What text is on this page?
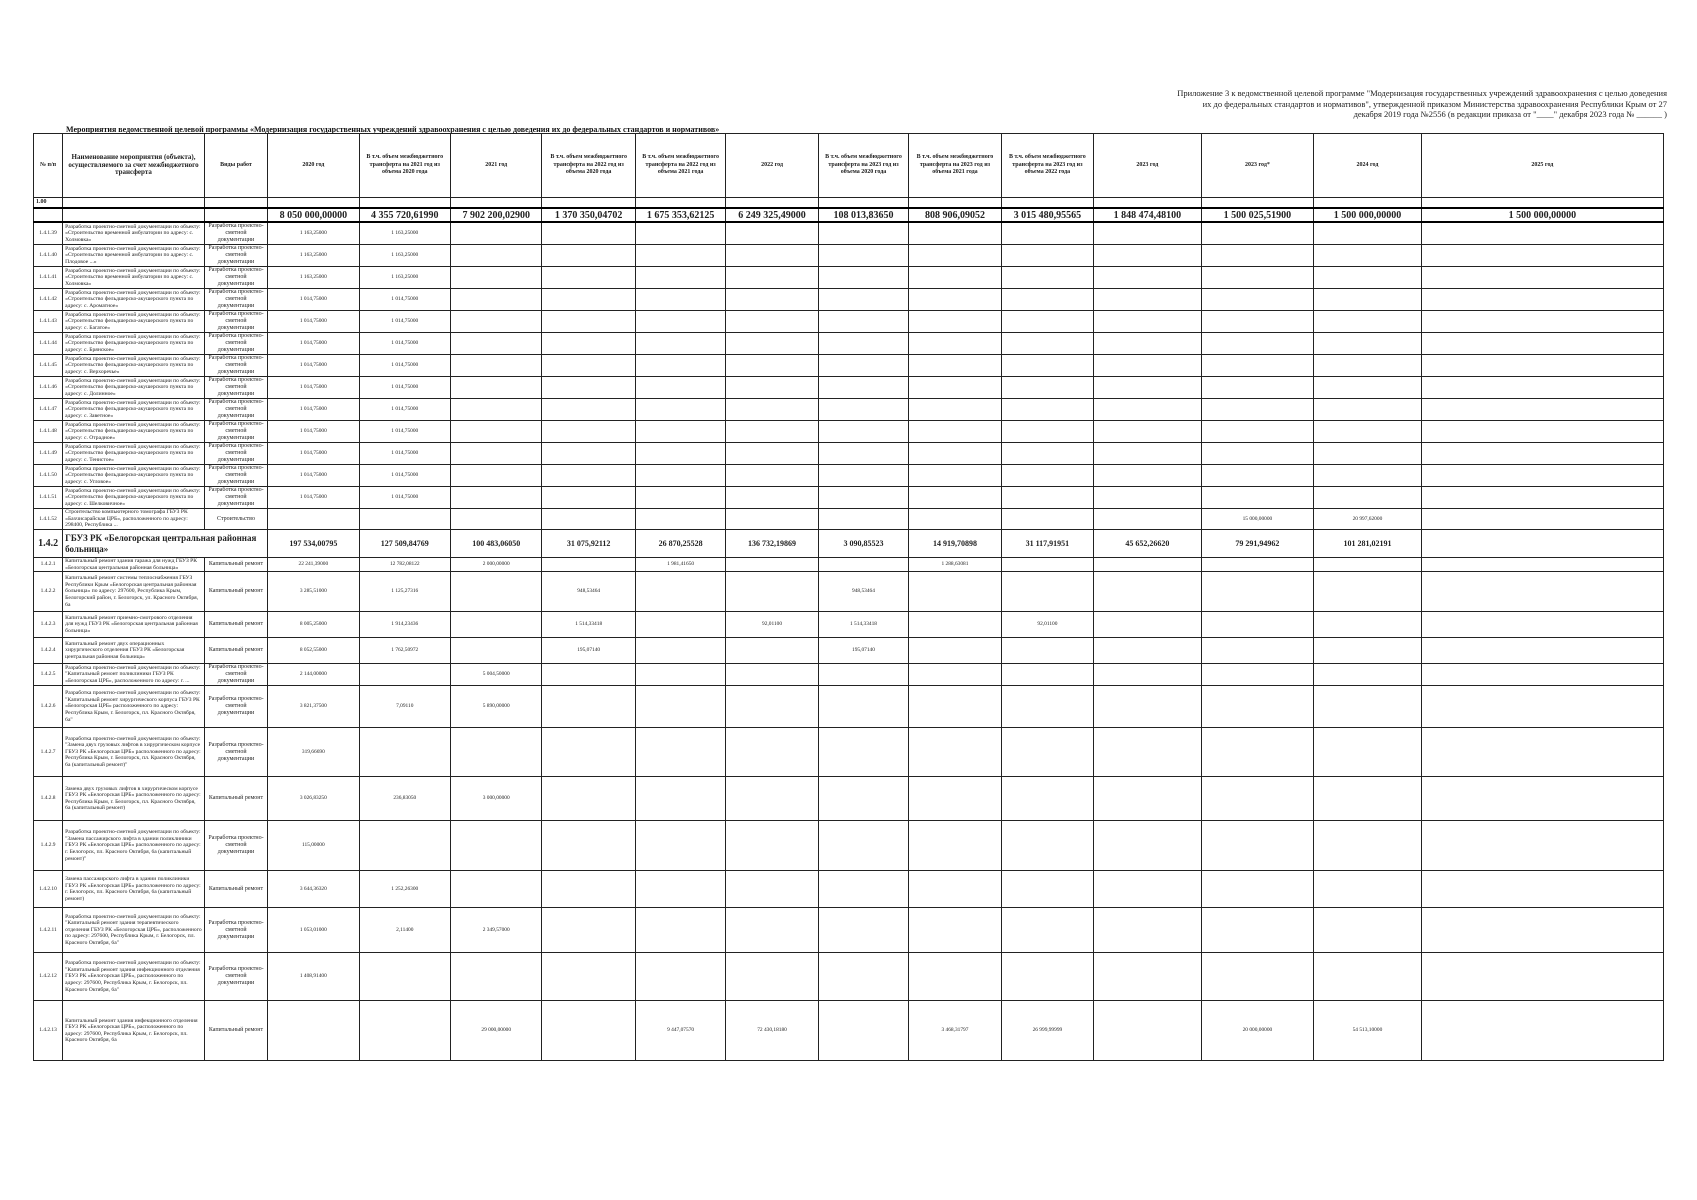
Приложение 3 к ведомственной целевой программе "Модернизация государственных учреждений здравоохранения с целью доведения
их до федеральных стандартов и нормативов", утвержденной приказом Министерства здравоохранения Республики Крым от 27
декабря 2019 года №2556 (в редакции приказа от "____" декабря 2023 года № ______ )
Мероприятия ведомственной целевой программы «Модернизация государственных учреждений здравоохранения с целью доведения их до федеральных стандартов и нормативов»
№ п/п	Наименование мероприятия (объекта), осуществляемого за счет межбюджетного трансферта	Виды работ	2020 год	В т.ч. объем межбюджетного трансферта на 2021 год из объема 2020 года	2021 год	В т.ч. объем межбюджетного трансферта на 2022 год из объема 2020 года	В т.ч. объем межбюджетного трансферта на 2022 год из объема 2021 года	2022 год	В т.ч. объем межбюджетного трансферта на 2023 год из объема 2020 года	В т.ч. объем межбюджетного трансферта на 2023 год из объема 2021 года	В т.ч. объем межбюджетного трансферта на 2023 год из объема 2022 года	2023 год	2023 год*	2024 год	2025 год
1.00															
			8 050 000,00000	4 355 720,61990	7 902 200,02900	1 370 350,04702	1 675 353,62125	6 249 325,49000	108 013,83650	808 906,09052	3 015 480,95565	1 848 474,48100	1 500 025,51900	1 500 000,00000	1 500 000,00000
1.4.1.39	Разработка проектно-сметной документации по объекту: «Строительство временной амбулатории по адресу: с. Холмовка»	Разработка проектно-сметной документации	1 163,25000	1 163,25000											
1.4.1.40	Разработка проектно-сметной документации по объекту: «Строительство временной амбулатории по адресу: с. Плодовое ...»	Разработка проектно-сметной документации	1 163,25000	1 163,25000											
1.4.1.41	Разработка проектно-сметной документации по объекту: «Строительство временной амбулатории по адресу: с. Холмовка»	Разработка проектно-сметной документации	1 163,25000	1 163,25000											
1.4.1.42	Разработка проектно-сметной документации по объекту: «Строительство фельдшерско-акушерского пункта по адресу: с. Ароматное»	Разработка проектно-сметной документации	1 014,75000	1 014,75000											
1.4.1.43	Разработка проектно-сметной документации по объекту: «Строительство фельдшерско-акушерского пункта по адресу: с. Багатое»	Разработка проектно-сметной документации	1 014,75000	1 014,75000											
1.4.1.44	Разработка проектно-сметной документации по объекту: «Строительство фельдшерско-акушерского пункта по адресу: с. Брянское»	Разработка проектно-сметной документации	1 014,75000	1 014,75000											
1.4.1.45	Разработка проектно-сметной документации по объекту: «Строительство фельдшерско-акушерского пункта по адресу: с. Верхоречье»	Разработка проектно-сметной документации	1 014,75000	1 014,75000											
1.4.1.46	Разработка проектно-сметной документации по объекту: «Строительство фельдшерско-акушерского пункта по адресу: с. Долинное»	Разработка проектно-сметной документации	1 014,75000	1 014,75000											
1.4.1.47	Разработка проектно-сметной документации по объекту: «Строительство фельдшерско-акушерского пункта по адресу: с. Заветное»	Разработка проектно-сметной документации	1 014,75000	1 014,75000											
1.4.1.48	Разработка проектно-сметной документации по объекту: «Строительство фельдшерско-акушерского пункта по адресу: с. Отрадное»	Разработка проектно-сметной документации	1 014,75000	1 014,75000											
1.4.1.49	Разработка проектно-сметной документации по объекту: «Строительство фельдшерско-акушерского пункта по адресу: с. Тенистое»	Разработка проектно-сметной документации	1 014,75000	1 014,75000											
1.4.1.50	Разработка проектно-сметной документации по объекту: «Строительство фельдшерско-акушерского пункта по адресу: с. Угловое»	Разработка проектно-сметной документации	1 014,75000	1 014,75000											
1.4.1.51	Разработка проектно-сметной документации по объекту: «Строительство фельдшерско-акушерского пункта по адресу: с. Шелковичное»	Разработка проектно-сметной документации	1 014,75000	1 014,75000											
1.4.1.52	Строительство компьютерного томографа ГБУЗ РК «Бахчисарайская ЦРБ», расположенного по адресу: 298400, Республика ...	Строительство											15 000,00000	20 997,62000	
1.4.2	ГБУЗ РК «Белогорская центральная районная больница»		197 534,00795	127 509,84769	100 483,06050	31 075,92112	26 870,25528	136 732,19869	3 090,85523	14 919,70898	31 117,91951	45 652,26620	79 291,94962	101 281,02191	
1.4.2.1	Капитальный ремонт здания гаража для нужд ГБУЗ РК «Белогорская центральная районная больница»	Капитальный ремонт	22 241,39000	12 782,08122	2 000,00000		1 981,41650			1 288,63081					
1.4.2.2	Капитальный ремонт системы теплоснабжения ГБУЗ Республики Крым «Белогорская центральная районная больница» по адресу: 297600, Республика Крым, Белогорский район, г. Белогорск, ул. Красного Октября, 6а	Капитальный ремонт	3 285,51000	1 125,27316		948,53464			948,53464						
1.4.2.3	Капитальный ремонт приемно-смотрового отделения для нужд ГБУЗ РК «Белогорская центральная районная больница»	Капитальный ремонт	8 005,25000	1 914,23436		1 514,33418		92,01100	1 514,33418		92,01100				
1.4.2.4	Капитальный ремонт двух операционных хирургического отделения ГБУЗ РК «Белогорская центральная районная больница»	Капитальный ремонт	8 052,55000	1 762,50972		195,07140			195,07140						
1.4.2.5	Разработка проектно-сметной документации по объекту: "Капитальный ремонт поликлиники ГБУЗ РК «Белогорская ЦРБ», расположенного по адресу: г. ...	Разработка проектно-сметной документации	2 144,00000		5 004,50000										
1.4.2.6	Разработка проектно-сметной документации по объекту: "Капитальный ремонт хирургического корпуса ГБУЗ РК «Белогорская ЦРБ» расположенного по адресу: Республика Крым, г. Белогорск, пл. Красного Октября, 6а"	Разработка проектно-сметной документации	3 821,37500	7,09110	5 890,00000										
1.4.2.7	Разработка проектно-сметной документации по объекту: "Замена двух грузовых лифтов в хирургическом корпусе ГБУЗ РК «Белогорская ЦРБ» расположенного по адресу: Республика Крым, г. Белогорск, пл. Красного Октября, 6а (капитальный ремонт)"	Разработка проектно-сметной документации	319,66690												
1.4.2.8	Замена двух грузовых лифтов в хирургическом корпусе ГБУЗ РК «Белогорская ЦРБ» расположенного по адресу: Республика Крым, г. Белогорск, пл. Красного Октября, 6а (капитальный ремонт)	Капитальный ремонт	3 026,83250	236,83050	3 000,00000										
1.4.2.9	Разработка проектно-сметной документации по объекту: "Замена пассажирского лифта в здании поликлиники ГБУЗ РК «Белогорская ЦРБ» расположенного по адресу: г. Белогорск, пл. Красного Октября, 6а (капитальный ремонт)"	Разработка проектно-сметной документации	115,00000												
1.4.2.10	Замена пассажирского лифта в здании поликлиники ГБУЗ РК «Белогорская ЦРБ» расположенного по адресу: г. Белогорск, пл. Красного Октября, 6а (капитальный ремонт)	Капитальный ремонт	3 644,36320	1 252,26300											
1.4.2.11	Разработка проектно-сметной документации по объекту: "Капитальный ремонт здания терапевтического отделения ГБУЗ РК «Белогорская ЦРБ», расположенного по адресу: 297600, Республика Крым, г. Белогорск, пл. Красного Октября, 6а"	Разработка проектно-сметной документации	1 053,01000	2,11400	2 349,57000										
1.4.2.12	Разработка проектно-сметной документации по объекту: "Капитальный ремонт здания инфекционного отделения ГБУЗ РК «Белогорская ЦРБ», расположенного по адресу: 297600, Республика Крым, г. Белогорск, пл. Красного Октября, 6а"	Разработка проектно-сметной документации	1 408,91400												
1.4.2.13	Капитальный ремонт здания инфекционного отделения ГБУЗ РК «Белогорская ЦРБ», расположенного по адресу: 297600, Республика Крым, г. Белогорск, пл. Красного Октября, 6а	Капитальный ремонт			29 000,00000		9 447,07570	72 430,18180		3 468,31797	26 999,99999		20 000,00000	54 513,10000	
